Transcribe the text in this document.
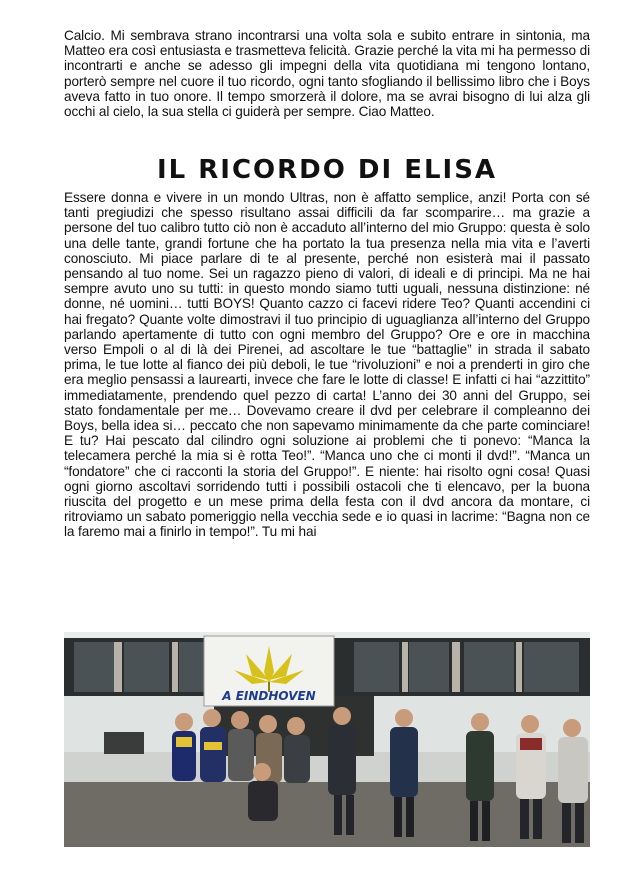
Calcio. Mi sembrava strano incontrarsi una volta sola e subito entrare in sintonia, ma Matteo era così entusiasta e trasmetteva felicità. Grazie perché la vita mi ha permesso di incontrarti e anche se adesso gli impegni della vita quotidiana mi tengono lontano, porterò sempre nel cuore il tuo ricordo, ogni tanto sfogliando il bellissimo libro che i Boys aveva fatto in tuo onore. Il tempo smorzerà il dolore, ma se avrai bisogno di lui alza gli occhi al cielo, la sua stella ci guiderà per sempre. Ciao Matteo.

IL RICORDO DI ELISA

Essere donna e vivere in un mondo Ultras, non è affatto semplice, anzi! Porta con sé tanti pregiudizi che spesso risultano assai difficili da far scomparire… ma grazie a persone del tuo calibro tutto ciò non è accaduto all’interno del mio Gruppo: questa è solo una delle tante, grandi fortune che ha portato la tua presenza nella mia vita e l’averti conosciuto. Mi piace parlare di te al presente, perché non esisterà mai il passato pensando al tuo nome. Sei un ragazzo pieno di valori, di ideali e di principi. Ma ne hai sempre avuto uno su tutti: in questo mondo siamo tutti uguali, nessuna distinzione: né donne, né uomini… tutti BOYS! Quanto cazzo ci facevi ridere Teo? Quanti accendini ci hai fregato? Quante volte dimostravi il tuo principio di uguaglianza all’interno del Gruppo parlando apertamente di tutto con ogni membro del Gruppo? Ore e ore in macchina verso Empoli o al di là dei Pirenei, ad ascoltare le tue “battaglie” in strada il sabato prima, le tue lotte al fianco dei più deboli, le tue “rivoluzioni” e noi a prenderti in giro che era meglio pensassi a laurearti, invece che fare le lotte di classe! E infatti ci hai “azzittito” immediatamente, prendendo quel pezzo di carta! L’anno dei 30 anni del Gruppo, sei stato fondamentale per me… Dovevamo creare il dvd per celebrare il compleanno dei Boys, bella idea si… peccato che non sapevamo minimamente da che parte cominciare! E tu? Hai pescato dal cilindro ogni soluzione ai problemi che ti ponevo: “Manca la telecamera perché la mia si è rotta Teo!”. “Manca uno che ci monti il dvd!”. “Manca un “fondatore” che ci racconti la storia del Gruppo!”. E niente: hai risolto ogni cosa! Quasi ogni giorno ascoltavi sorridendo tutti i possibili ostacoli che ti elencavo, per la buona riuscita del progetto e un mese prima della festa con il dvd ancora da montare, ci ritroviamo un sabato pomeriggio nella vecchia sede e io quasi in lacrime: “Bagna non ce la faremo mai a finirlo in tempo!”. Tu mi hai

A EINDHOVEN
